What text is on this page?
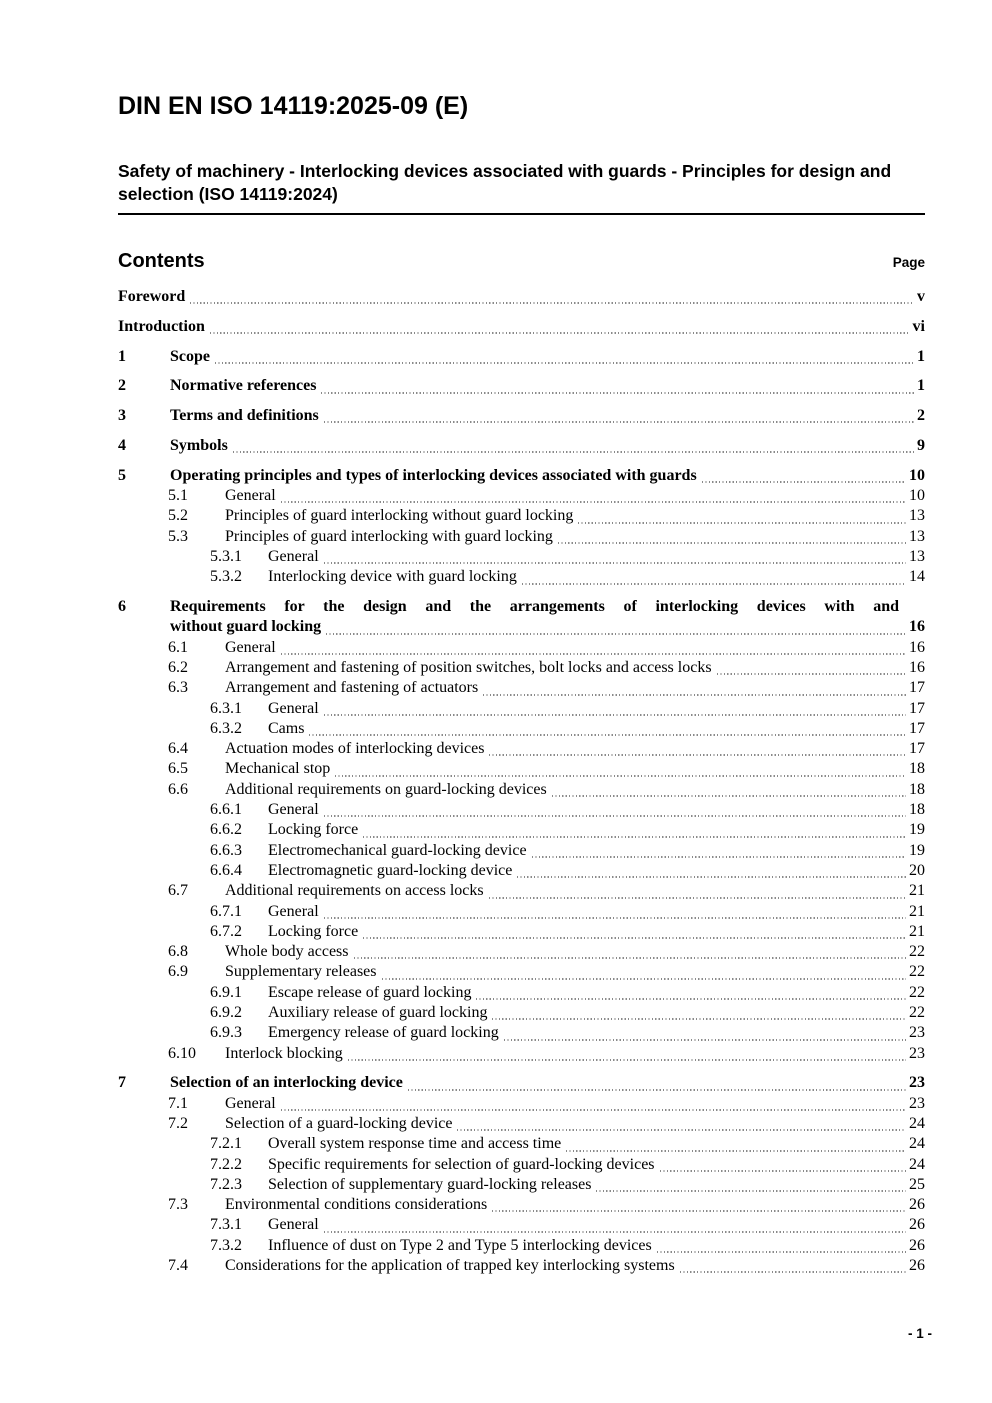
DIN EN ISO 14119:2025-09 (E)
Safety of machinery - Interlocking devices associated with guards - Principles for design and selection (ISO 14119:2024)
Contents	Page
Foreword	v
Introduction	vi
1	Scope	1
2	Normative references	1
3	Terms and definitions	2
4	Symbols	9
5	Operating principles and types of interlocking devices associated with guards	10
5.1	General	10
5.2	Principles of guard interlocking without guard locking	13
5.3	Principles of guard interlocking with guard locking	13
5.3.1	General	13
5.3.2	Interlocking device with guard locking	14
6	Requirements for the design and the arrangements of interlocking devices with and
without guard locking	16
6.1	General	16
6.2	Arrangement and fastening of position switches, bolt locks and access locks	16
6.3	Arrangement and fastening of actuators	17
6.3.1	General	17
6.3.2	Cams	17
6.4	Actuation modes of interlocking devices	17
6.5	Mechanical stop	18
6.6	Additional requirements on guard-locking devices	18
6.6.1	General	18
6.6.2	Locking force	19
6.6.3	Electromechanical guard-locking device	19
6.6.4	Electromagnetic guard-locking device	20
6.7	Additional requirements on access locks	21
6.7.1	General	21
6.7.2	Locking force	21
6.8	Whole body access	22
6.9	Supplementary releases	22
6.9.1	Escape release of guard locking	22
6.9.2	Auxiliary release of guard locking	22
6.9.3	Emergency release of guard locking	23
6.10	Interlock blocking	23
7	Selection of an interlocking device	23
7.1	General	23
7.2	Selection of a guard-locking device	24
7.2.1	Overall system response time and access time	24
7.2.2	Specific requirements for selection of guard-locking devices	24
7.2.3	Selection of supplementary guard-locking releases	25
7.3	Environmental conditions considerations	26
7.3.1	General	26
7.3.2	Influence of dust on Type 2 and Type 5 interlocking devices	26
7.4	Considerations for the application of trapped key interlocking systems	26
- 1 -
